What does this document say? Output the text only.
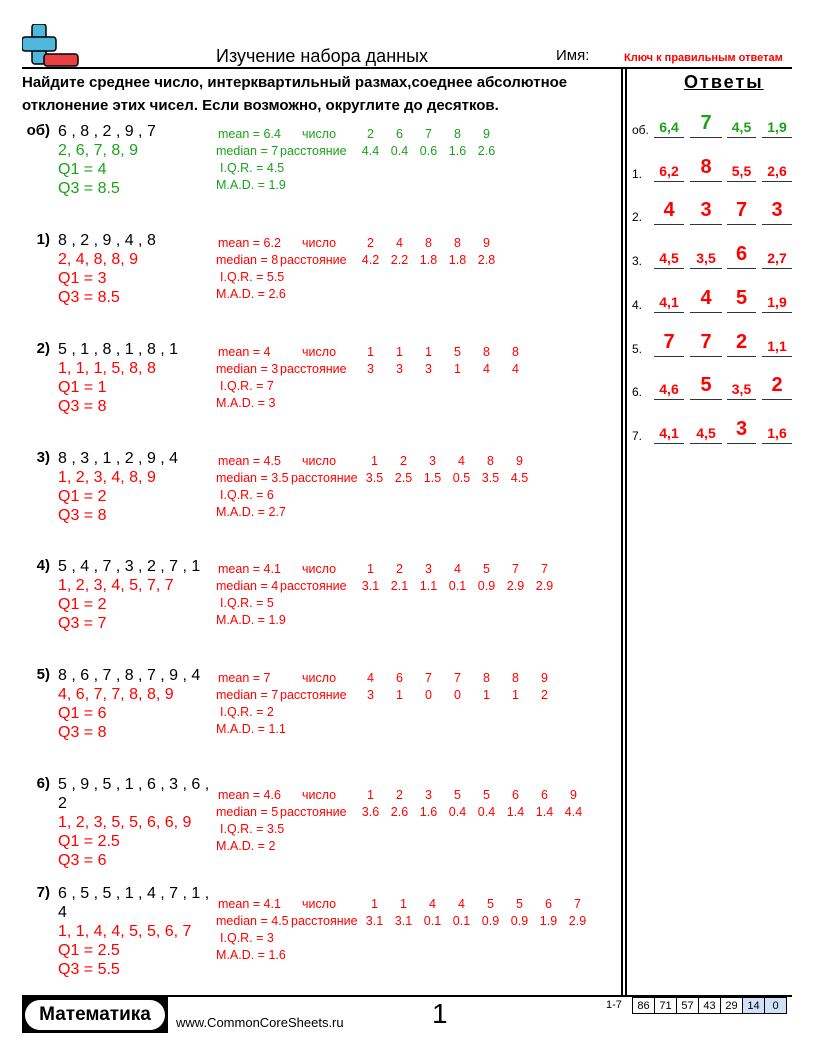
Изучение набора данных	Имя:	Ключ к правильным ответам
Найдите среднее число, интерквартильный размах,соеднее абсолютное отклонение этих чисел. Если возможно, округлите до десятков.
Ответы
об) 6 , 8 , 2 , 9 , 7
2, 6, 7, 8, 9
Q1 = 4
Q3 = 8.5
mean = 6.4
median = 7
I.Q.R. = 4.5
M.A.D. = 1.9
число
расстояние
2	6	7	8	9
4.4 0.4 0.6 1.6 2.6
1) 8 , 2 , 9 , 4 , 8
2, 4, 8, 8, 9
Q1 = 3
Q3 = 8.5
mean = 6.2
median = 8
I.Q.R. = 5.5
M.A.D. = 2.6
число
расстояние
2	4	8	8	9
4.2 2.2 1.8 1.8 2.8
2) 5 , 1 , 8 , 1 , 8 , 1
1, 1, 1, 5, 8, 8
Q1 = 1
Q3 = 8
mean = 4
median = 3
I.Q.R. = 7
M.A.D. = 3
число
расстояние
1	1	1	5	8	8
3	3	3	1	4	4
3) 8 , 3 , 1 , 2 , 9 , 4
1, 2, 3, 4, 8, 9
Q1 = 2
Q3 = 8
mean = 4.5
median = 3.5
I.Q.R. = 6
M.A.D. = 2.7
число
расстояние
1	2	3	4	8	9
3.5 2.5 1.5 0.5 3.5 4.5
4) 5 , 4 , 7 , 3 , 2 , 7 , 1
1, 2, 3, 4, 5, 7, 7
Q1 = 2
Q3 = 7
mean = 4.1
median = 4
I.Q.R. = 5
M.A.D. = 1.9
число
расстояние
1	2	3	4	5	7	7
3.1 2.1 1.1 0.1 0.9 2.9 2.9
5) 8 , 6 , 7 , 8 , 7 , 9 , 4
4, 6, 7, 7, 8, 8, 9
Q1 = 6
Q3 = 8
mean = 7
median = 7
I.Q.R. = 2
M.A.D. = 1.1
число
расстояние
4	6	7	7	8	8	9
3	1	0	0	1	1	2
6) 5 , 9 , 5 , 1 , 6 , 3 , 6 ,
2
1, 2, 3, 5, 5, 6, 6, 9
Q1 = 2.5
Q3 = 6
mean = 4.6
median = 5
I.Q.R. = 3.5
M.A.D. = 2
число
расстояние
1	2	3	5	5	6	6	9
3.6 2.6 1.6 0.4 0.4 1.4 1.4 4.4
7) 6 , 5 , 5 , 1 , 4 , 7 , 1 ,
4
1, 1, 4, 4, 5, 5, 6, 7
Q1 = 2.5
Q3 = 5.5
mean = 4.1
median = 4.5
I.Q.R. = 3
M.A.D. = 1.6
число
расстояние
1	1	4	4	5	5	6	7
3.1 3.1 0.1 0.1 0.9 0.9 1.9 2.9
об. 6,4	7	4,5	1,9
1.	6,2	8	5,5	2,6
2.	4	3	7	3
3.	4,5	3,5	6	2,7
4.	4,1	4	5	1,9
5.	7	7	2	1,1
6.	4,6	5	3,5	2
7.	4,1	4,5	3	1,6
Математика	www.CommonCoreSheets.ru	1	1-7	86 71 57 43 29 14	0
